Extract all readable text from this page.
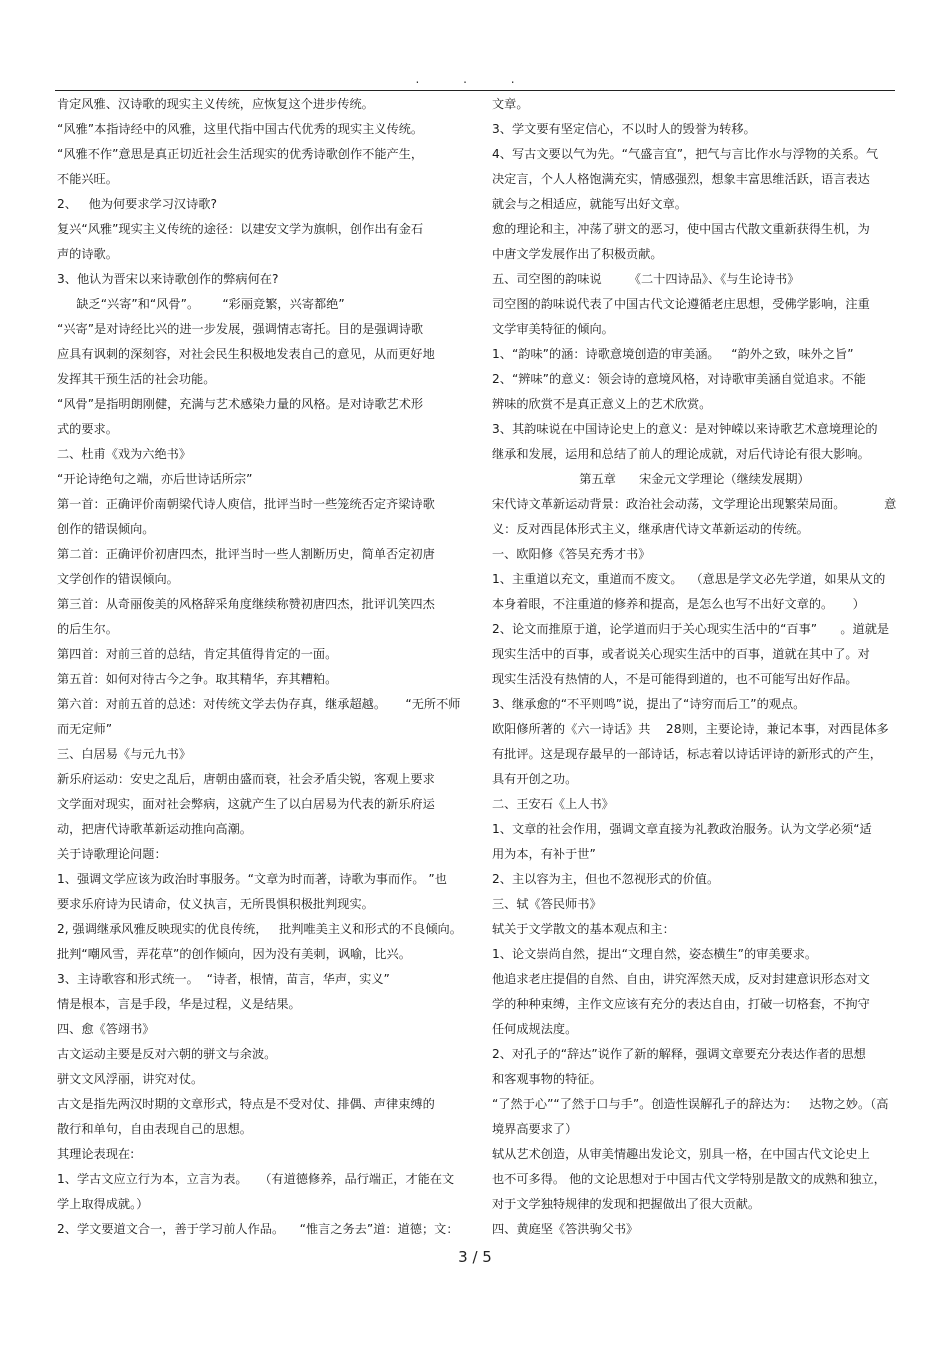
. . .
肯定风雅、汉诗歌的现实主义传统，应恢复这个进步传统。
“风雅”本指诗经中的风雅，这里代指中国古代优秀的现实主义传统。
“风雅不作”意思是真正切近社会生活现实的优秀诗歌创作不能产生，
不能兴旺。
2、   他为何要求学习汉诗歌?
复兴“风雅”现实主义传统的途径：以建安文学为旗帜，创作出有金石
声的诗歌。
3、他认为晋宋以来诗歌创作的弊病何在?
缺乏“兴寄”和“风骨”。      “彩丽竞繁，兴寄都绝”
“兴寄”是对诗经比兴的进一步发展，强调情志寄托。目的是强调诗歌
应具有讽刺的深刻容，对社会民生积极地发表自己的意见，从而更好地
发挥其干预生活的社会功能。
“风骨”是指明朗刚健，充满与艺术感染力量的风格。是对诗歌艺术形
式的要求。
二、杜甫《戏为六绝书》
“开论诗绝句之端，亦后世诗话所宗”
第一首：正确评价南朝梁代诗人庾信，批评当时一些笼统否定齐梁诗歌
创作的错误倾向。
第二首：正确评价初唐四杰，批评当时一些人割断历史，简单否定初唐
文学创作的错误倾向。
第三首：从奇丽俊美的风格辞采角度继续称赞初唐四杰，批评讥笑四杰
的后生尔。
第四首：对前三首的总结，肯定其值得肯定的一面。
第五首：如何对待古今之争。取其精华，弃其糟粕。
第六首：对前五首的总述：对传统文学去伪存真，继承超越。     “无所不师
而无定师”
三、白居易《与元九书》
新乐府运动：安史之乱后，唐朝由盛而衰，社会矛盾尖锐，客观上要求
文学面对现实，面对社会弊病，这就产生了以白居易为代表的新乐府运
动，把唐代诗歌革新运动推向高潮。
关于诗歌理论问题：
1、强调文学应该为政治时事服务。“文章为时而著，诗歌为事而作。 ”也
要求乐府诗为民请命，仗义执言，无所畏惧积极批判现实。
2, 强调继承风雅反映现实的优良传统，   批判唯美主义和形式的不良倾向。
批判“嘲风雪，弄花草”的创作倾向，因为没有美刺，讽喻，比兴。
3、主诗歌容和形式统一。  “诗者，根情，苗言，华声，实义”
情是根本，言是手段，华是过程，义是结果。
四、愈《答翊书》
古文运动主要是反对六朝的骈文与余波。
骈文文风浮丽，讲究对仗。
古文是指先两汉时期的文章形式，特点是不受对仗、排偶、声律束缚的
散行和单句，自由表现自己的思想。
其理论表现在:
1、学古文应立行为本，立言为表。   （有道德修养，品行端正，才能在文
学上取得成就。）
2、学文要道文合一，善于学习前人作品。    “惟言之务去”道：道德；文：
文章。
3、学文要有坚定信心，不以时人的毁誉为转移。
4、写古文要以气为先。“气盛言宜”，把气与言比作水与浮物的关系。气
决定言，个人人格饱满充实，情感强烈，想象丰富思维活跃，语言表达
就会与之相适应，就能写出好文章。
愈的理论和主，冲荡了骈文的恶习，使中国古代散文重新获得生机，为
中唐文学发展作出了积极贡献。
五、司空图的韵味说       《二十四诗品》、《与生论诗书》
司空图的韵味说代表了中国古代文论遵循老庄思想，受佛学影响，注重
文学审美特征的倾向。
1、“韵味”的涵：诗歌意境创造的审美涵。   “韵外之致，味外之旨”
2、“辨味”的意义：领会诗的意境风格，对诗歌审美涵自觉追求。不能
辨味的欣赏不是真正意义上的艺术欣赏。
3、其韵味说在中国诗论史上的意义：是对钟嵘以来诗歌艺术意境理论的
继承和发展，运用和总结了前人的理论成就，对后代诗论有很大影响。
第五章      宋金元文学理论（继续发展期）
宋代诗文革新运动背景：政治社会动荡，文学理论出现繁荣局面。          意
义：反对西昆体形式主义，继承唐代诗文革新运动的传统。
一、欧阳修《答吴充秀才书》
1、主重道以充文，重道而不废文。  （意思是学文必先学道，如果从文的
本身着眼，不注重道的修养和提高，是怎么也写不出好文章的。     ）
2、论文而推原于道，论学道而归于关心现实生活中的“百事”      。道就是
现实生活中的百事，或者说关心现实生活中的百事，道就在其中了。对
现实生活没有热情的人，不是可能得到道的，也不可能写出好作品。
3、继承愈的“不平则鸣”说，提出了“诗穷而后工”的观点。
欧阳修所著的《六一诗话》共    28则，主要论诗，兼记本事，对西昆体多
有批评。这是现存最早的一部诗话，标志着以诗话评诗的新形式的产生，
具有开创之功。
二、王安石《上人书》
1、文章的社会作用，强调文章直接为礼教政治服务。认为文学必须“适
用为本，有补于世”
2、主以容为主，但也不忽视形式的价值。
三、轼《答民师书》
轼关于文学散文的基本观点和主：
1、论文崇尚自然，提出“文理自然，姿态横生”的审美要求。
他追求老庄提倡的自然、自由，讲究浑然天成，反对封建意识形态对文
学的种种束缚，主作文应该有充分的表达自由，打破一切格套，不拘守
任何成规法度。
2、对孔子的“辞达”说作了新的解释，强调文章要充分表达作者的思想
和客观事物的特征。
“了然于心”“了然于口与手”。创造性误解孔子的辞达为：   达物之妙。（高
境界高要求了）
轼从艺术创造，从审美情趣出发论文，别具一格，在中国古代文论史上
也不可多得。 他的文论思想对于中国古代文学特别是散文的成熟和独立，
对于文学独特规律的发现和把握做出了很大贡献。
四、黄庭坚《答洪驹父书》
3 / 5
